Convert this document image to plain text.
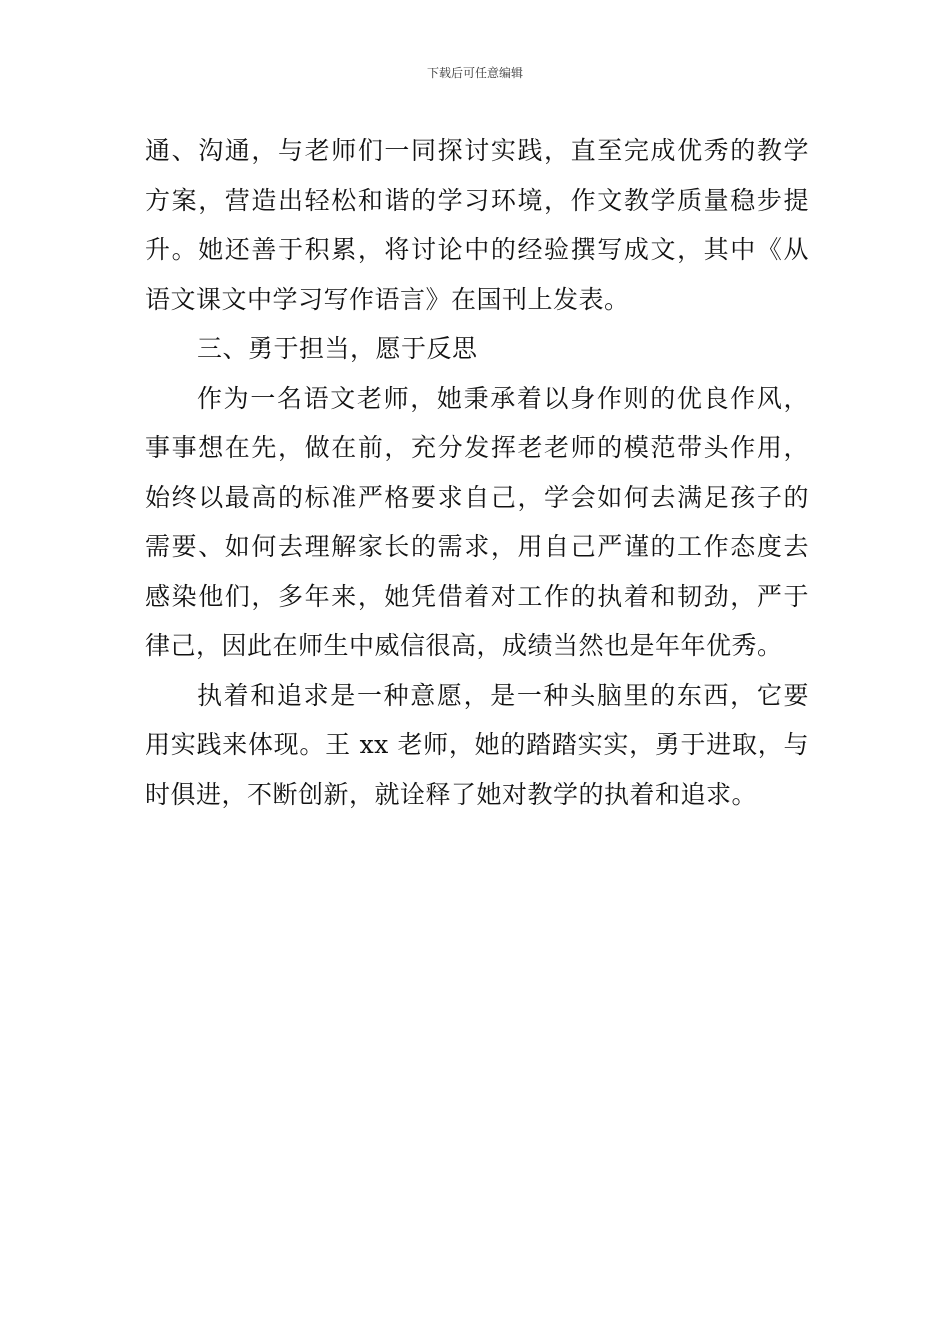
下载后可任意编辑
通、沟通，与老师们一同探讨实践，直至完成优秀的教学
方案，营造出轻松和谐的学习环境，作文教学质量稳步提
升。她还善于积累，将讨论中的经验撰写成文，其中《从
语文课文中学习写作语言》在国刊上发表。
三、勇于担当，愿于反思
作为一名语文老师，她秉承着以身作则的优良作风，
事事想在先，做在前，充分发挥老老师的模范带头作用，
始终以最高的标准严格要求自己，学会如何去满足孩子的
需要、如何去理解家长的需求，用自己严谨的工作态度去
感染他们，多年来，她凭借着对工作的执着和韧劲，严于
律己，因此在师生中威信很高，成绩当然也是年年优秀。
执着和追求是一种意愿，是一种头脑里的东西，它要
用实践来体现。王 xx 老师，她的踏踏实实，勇于进取，与
时俱进，不断创新，就诠释了她对教学的执着和追求。
